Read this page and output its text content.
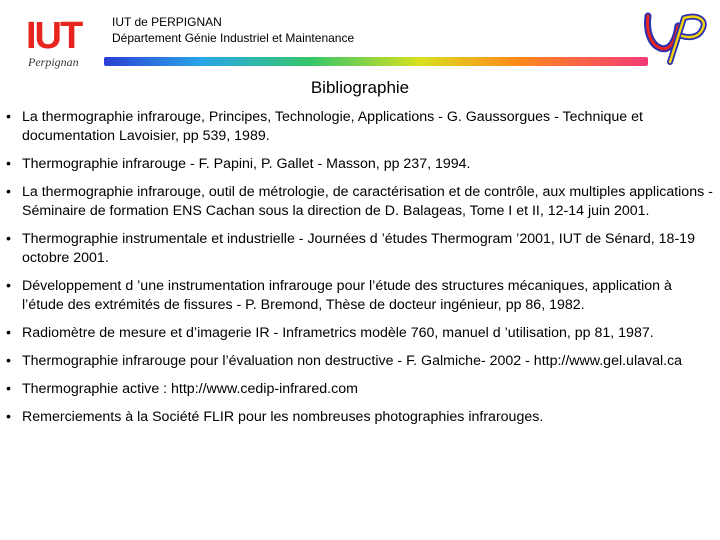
IUT
Perpignan
IUT de PERPIGNAN
Département Génie Industriel et Maintenance
UP
Bibliographie
• La thermographie infrarouge, Principes, Technologie, Applications - G. Gaussorgues - Technique et documentation Lavoisier, pp 539, 1989.
• Thermographie infrarouge - F. Papini, P. Gallet - Masson, pp 237, 1994.
• La thermographie infrarouge, outil de métrologie, de caractérisation et de contrôle, aux multiples applications - Séminaire de formation ENS Cachan sous la direction de D. Balageas, Tome I et II, 12-14 juin 2001.
• Thermographie instrumentale et industrielle - Journées d ’études Thermogram ’2001, IUT de Sénard, 18-19 octobre 2001.
• Développement d ’une instrumentation infrarouge pour l’étude des structures mécaniques, application à l’étude des extrémités de fissures - P. Bremond, Thèse de docteur ingénieur, pp 86, 1982.
• Radiomètre de mesure et d’imagerie IR - Inframetrics modèle 760, manuel d ’utilisation, pp 81, 1987.
• Thermographie infrarouge pour l’évaluation non destructive - F. Galmiche- 2002 - http://www.gel.ulaval.ca
• Thermographie active : http://www.cedip-infrared.com
• Remerciements à la Société FLIR pour les nombreuses photographies infrarouges.
